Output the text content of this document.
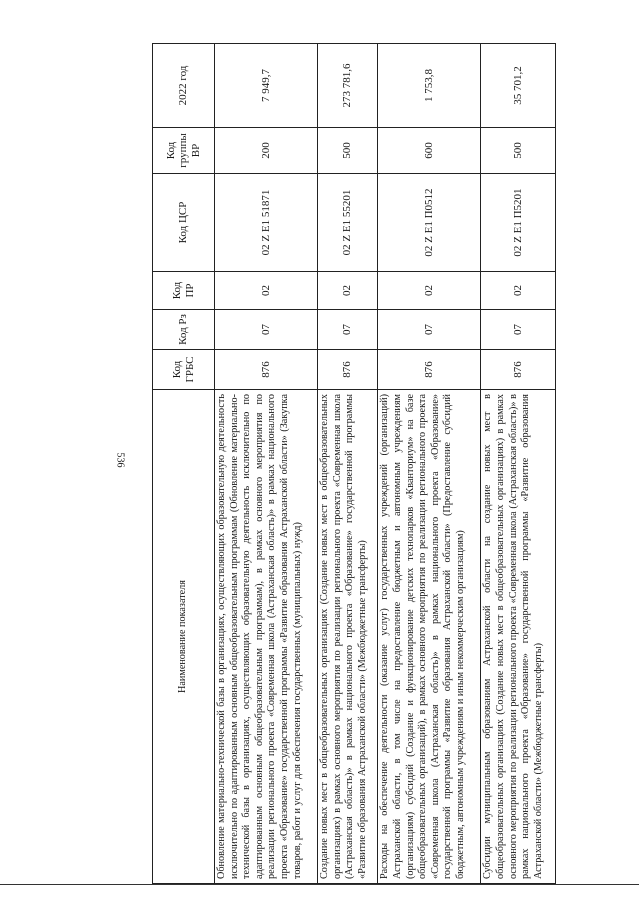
536
Наименование показателя	Код ГРБС	Код Рз	Код ПР	Код ЦСР	Код группы ВР	2022 год
Обновление материально-технической базы в организациях, осуществляющих образовательную деятельность исключительно по адаптированным основным общеобразовательным программам (Обновление материально-технической базы в организациях, осуществляющих образовательную деятельность исключительно по адаптированным основным общеобразовательным программам), в рамках основного мероприятия по реализации регионального проекта «Современная школа (Астраханская область)» в рамках национального проекта «Образование» государственной программы «Развитие образования Астраханской области» (Закупка товаров, работ и услуг для обеспечения государственных (муниципальных) нужд)	876	07	02	02 Z E1 51871	200	7 949,7
Создание новых мест в общеобразовательных организациях (Создание новых мест в общеобразовательных организациях) в рамках основного мероприятия по реализации регионального проекта «Современная школа (Астраханская область)» в рамках национального проекта «Образование» государственной программы «Развитие образования Астраханской области» (Межбюджетные трансферты)	876	07	02	02 Z E1 55201	500	273 781,6
Расходы на обеспечение деятельности (оказание услуг) государственных учреждений (организаций) Астраханской области, в том числе на предоставление бюджетным и автономным учреждениям (организациям) субсидий (Создание и функционирование детских технопарков «Кванториум» на базе общеобразовательных организаций), в рамках основного мероприятия по реализации регионального проекта «Современная школа (Астраханская область)» в рамках национального проекта «Образование» государственной программы «Развитие образования Астраханской области» (Предоставление субсидий бюджетным, автономным учреждениям и иным некоммерческим организациям)	876	07	02	02 Z E1 П0512	600	1 753,8
Субсидии муниципальным образованиям Астраханской области на создание новых мест в общеобразовательных организациях (Создание новых мест в общеобразовательных организациях) в рамках основного мероприятия по реализации регионального проекта «Современная школа (Астраханская область)» в рамках национального проекта «Образование» государственной программы «Развитие образования Астраханской области» (Межбюджетные трансферты)	876	07	02	02 Z E1 П5201	500	35 701,2
